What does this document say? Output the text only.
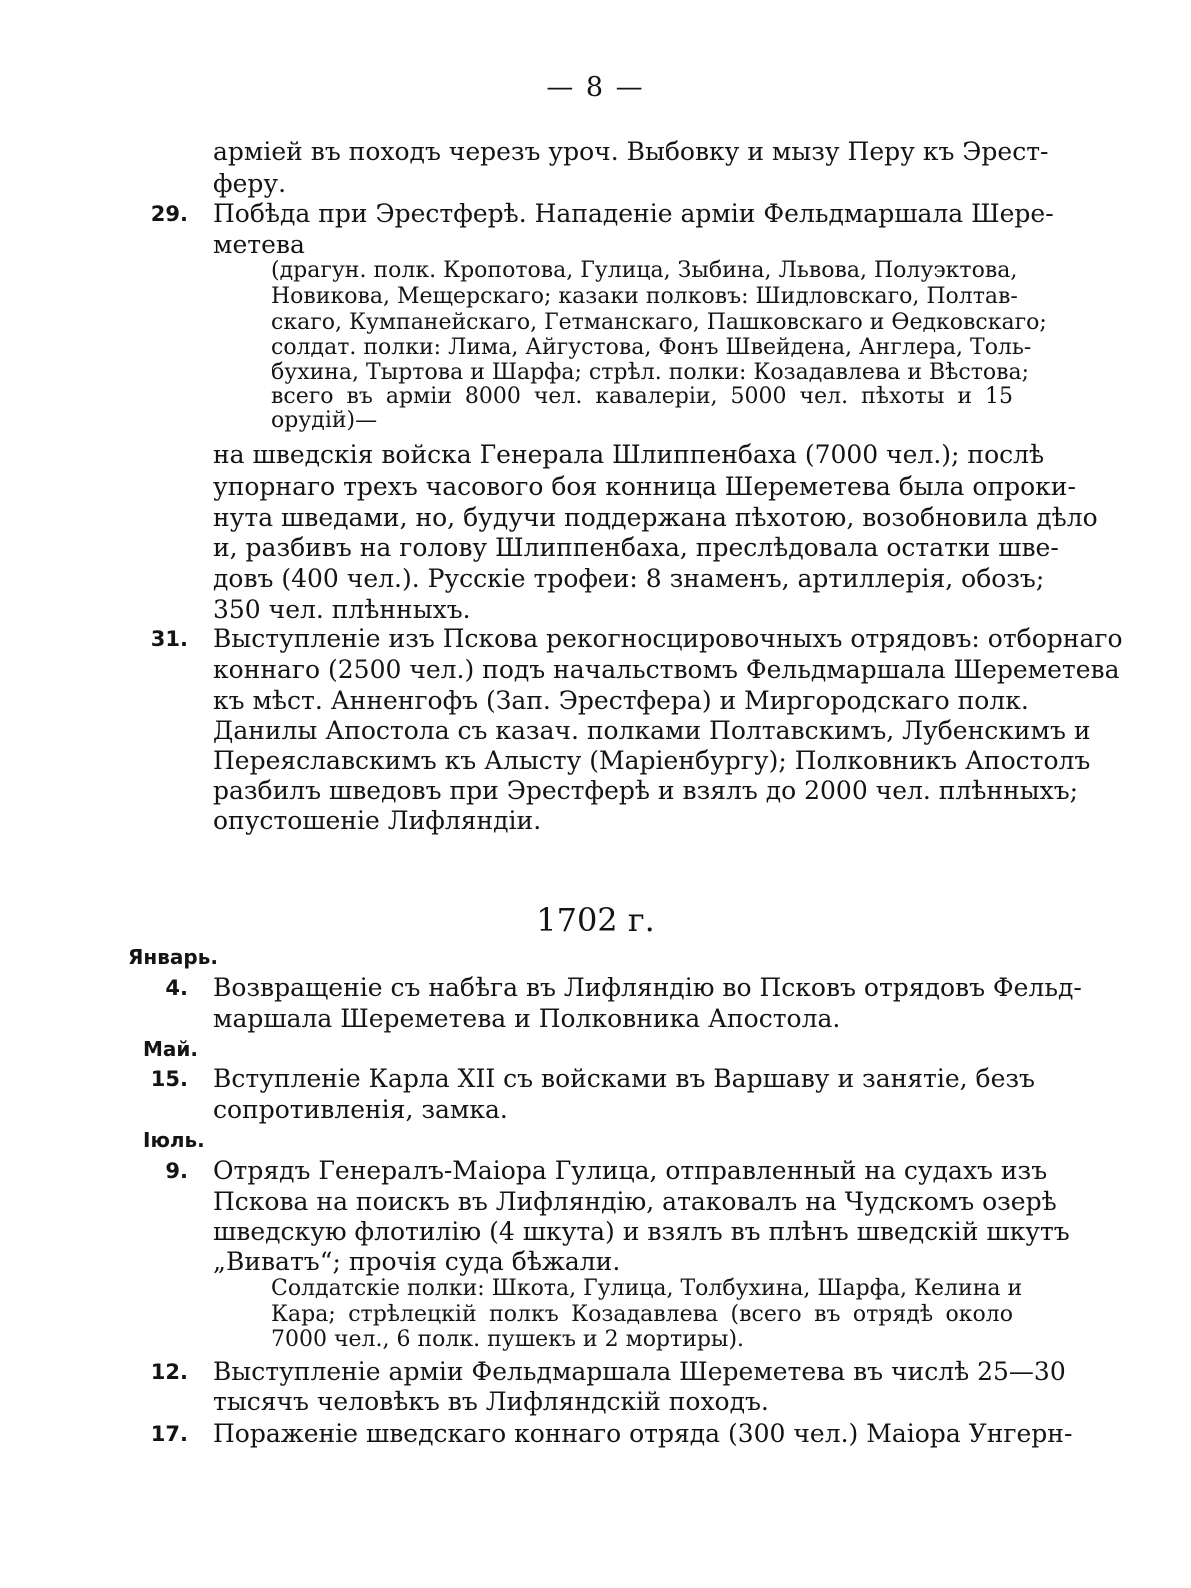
— 8 —
арміей въ походъ черезъ уроч. Выбовку и мызу Перу къ Эрест-
феру.
29. Побѣда при Эрестферѣ. Нападеніе арміи Фельдмаршала Шере-
метева
(драгун. полк. Кропотова, Гулица, Зыбина, Львова, Полуэктова,
Новикова, Мещерскаго; казаки полковъ: Шидловскаго, Полтав-
скаго, Кумпанейскаго, Гетманскаго, Пашковскаго и Ѳедковскаго;
солдат. полки: Лима, Айгустова, Фонъ Швейдена, Англера, Толь-
бухина, Тыртова и Шарфа; стрѣл. полки: Козадавлева и Вѣстова;
всего въ арміи 8000 чел. кавалеріи, 5000 чел. пѣхоты и 15
орудій)—
на шведскія войска Генерала Шлиппенбаха (7000 чел.); послѣ
упорнаго трехъ часового боя конница Шереметева была опроки-
нута шведами, но, будучи поддержана пѣхотою, возобновила дѣло
и, разбивъ на голову Шлиппенбаха, преслѣдовала остатки шве-
довъ (400 чел.). Русскіе трофеи: 8 знаменъ, артиллерія, обозъ;
350 чел. плѣнныхъ.
31. Выступленіе изъ Пскова рекогносцировочныхъ отрядовъ: отборнаго
коннаго (2500 чел.) подъ начальствомъ Фельдмаршала Шереметева
къ мѣст. Анненгофъ (Зап. Эрестфера) и Миргородскаго полк.
Данилы Апостола съ казач. полками Полтавскимъ, Лубенскимъ и
Переяславскимъ къ Алысту (Маріенбургу); Полковникъ Апостолъ
разбилъ шведовъ при Эрестферѣ и взялъ до 2000 чел. плѣнныхъ;
опустошеніе Лифляндіи.
1702 г.
Январь.
4. Возвращеніе съ набѣга въ Лифляндію во Псковъ отрядовъ Фельд-
маршала Шереметева и Полковника Апостола.
Май.
15. Вступленіе Карла XII съ войсками въ Варшаву и занятіе, безъ
сопротивленія, замка.
Іюль.
9. Отрядъ Генералъ-Маіора Гулица, отправленный на судахъ изъ
Пскова на поискъ въ Лифляндію, атаковалъ на Чудскомъ озерѣ
шведскую флотилію (4 шкута) и взялъ въ плѣнъ шведскій шкутъ
„Виватъ“; прочія суда бѣжали.
Солдатскіе полки: Шкота, Гулица, Толбухина, Шарфа, Келина и
Кара; стрѣлецкій полкъ Козадавлева (всего въ отрядѣ около
7000 чел., 6 полк. пушекъ и 2 мортиры).
12. Выступленіе арміи Фельдмаршала Шереметева въ числѣ 25—30
тысячъ человѣкъ въ Лифляндскій походъ.
17. Пораженіе шведскаго коннаго отряда (300 чел.) Маіора Унгерн-
